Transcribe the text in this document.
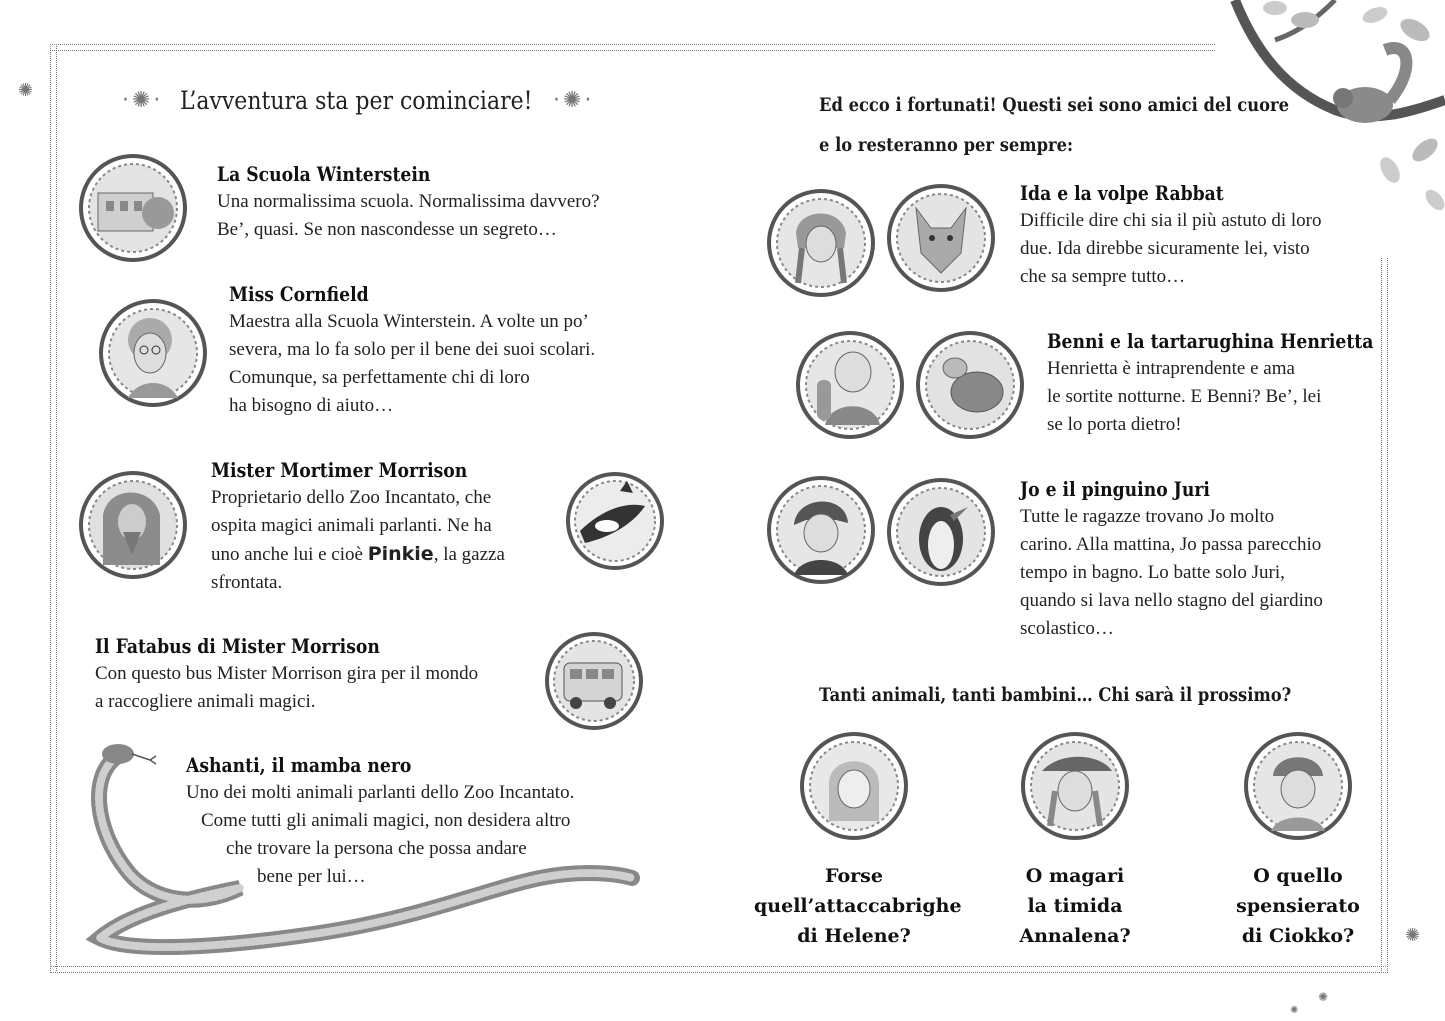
✺
✺
✺
✺
·✺· L’avventura sta per cominciare! ·✺·
La Scuola Winterstein
Una normalissima scuola. Normalissima davvero?
Be’, quasi. Se non nascondesse un segreto…
Miss Cornfield
Maestra alla Scuola Winterstein. A volte un po’
severa, ma lo fa solo per il bene dei suoi scolari.
Comunque, sa perfettamente chi di loro
ha bisogno di aiuto…
Mister Mortimer Morrison
Proprietario dello Zoo Incantato, che
ospita magici animali parlanti. Ne ha
uno anche lui e cioè Pinkie, la gazza
sfrontata.
Il Fatabus di Mister Morrison
Con questo bus Mister Morrison gira per il mondo
a raccogliere animali magici.
Ashanti, il mamba nero
Uno dei molti animali parlanti dello Zoo Incantato.
Come tutti gli animali magici, non desidera altro
che trovare la persona che possa andare
bene per lui…
Ed ecco i fortunati! Questi sei sono amici del cuore
e lo resteranno per sempre:
Ida e la volpe Rabbat
Difficile dire chi sia il più astuto di loro
due. Ida direbbe sicuramente lei, visto
che sa sempre tutto…
Benni e la tartarughina Henrietta
Henrietta è intraprendente e ama
le sortite notturne. E Benni? Be’, lei
se lo porta dietro!
Jo e il pinguino Juri
Tutte le ragazze trovano Jo molto
carino. Alla mattina, Jo passa parecchio
tempo in bagno. Lo batte solo Juri,
quando si lava nello stagno del giardino
scolastico…
Tanti animali, tanti bambini… Chi sarà il prossimo?
Forse
quell’attaccabrighe
di Helene?
O magari
la timida
Annalena?
O quello
spensierato
di Ciokko?
